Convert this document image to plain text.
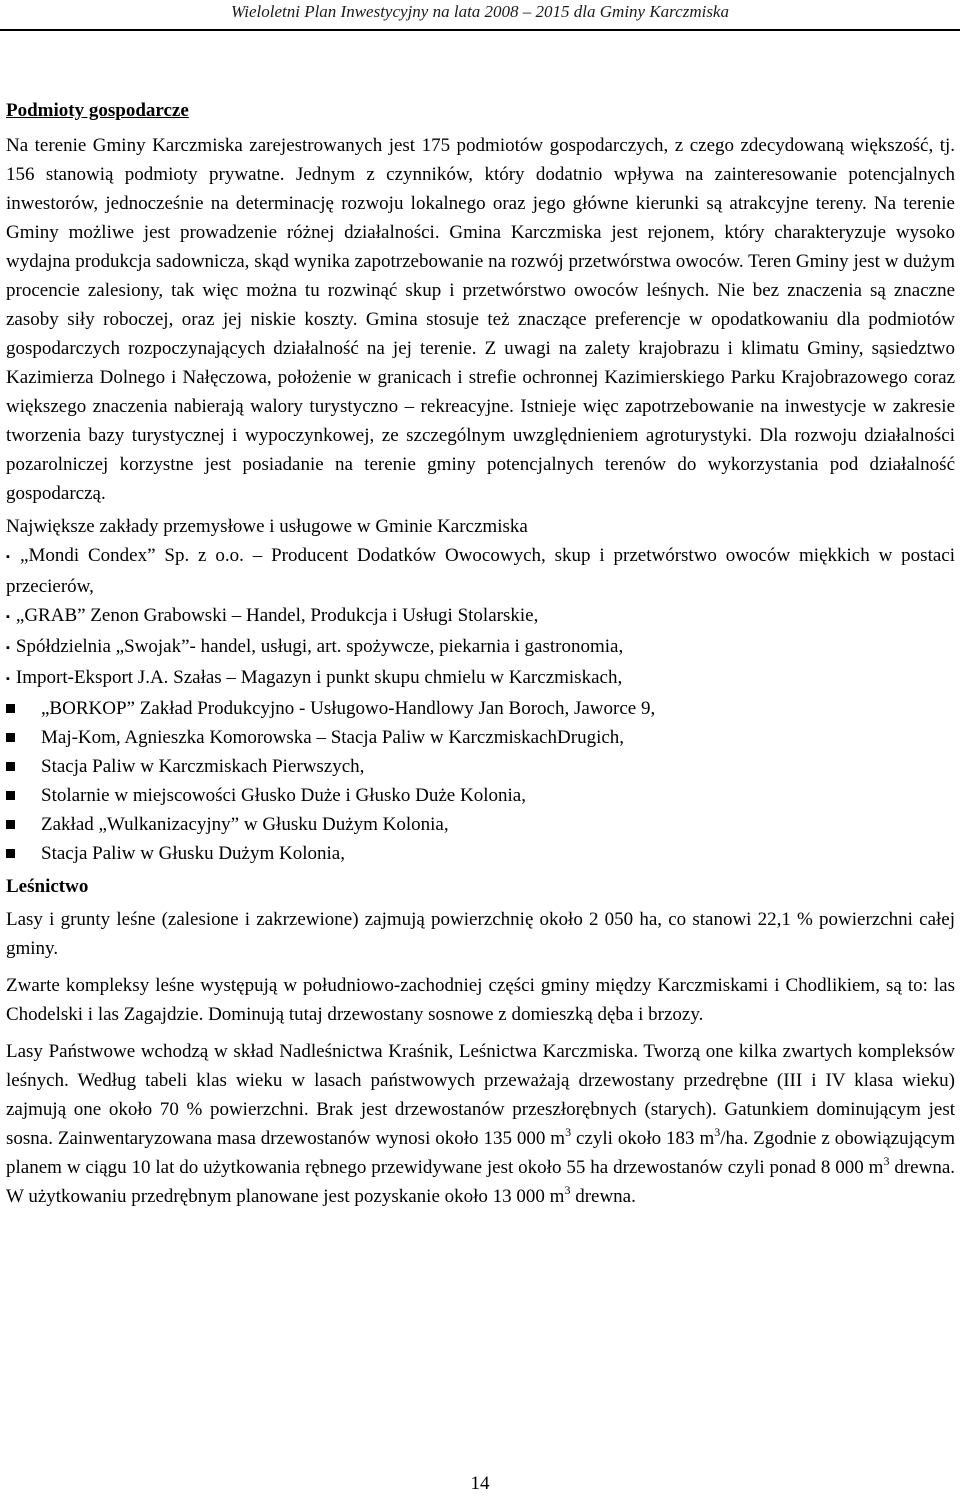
Wieloletni Plan Inwestycyjny na lata 2008 – 2015 dla Gminy Karczmiska
Podmioty gospodarcze

Na terenie Gminy Karczmiska zarejestrowanych jest 175 podmiotów gospodarczych, z czego zdecydowaną większość, tj. 156 stanowią podmioty prywatne. Jednym z czynników, który dodatnio wpływa na zainteresowanie potencjalnych inwestorów, jednocześnie na determinację rozwoju lokalnego oraz jego główne kierunki są atrakcyjne tereny. Na terenie Gminy możliwe jest prowadzenie różnej działalności. Gmina Karczmiska jest rejonem, który charakteryzuje wysoko wydajna produkcja sadownicza, skąd wynika zapotrzebowanie na rozwój przetwórstwa owoców. Teren Gminy jest w dużym procencie zalesiony, tak więc można tu rozwinąć skup i przetwórstwo owoców leśnych. Nie bez znaczenia są znaczne zasoby siły roboczej, oraz jej niskie koszty. Gmina stosuje też znaczące preferencje w opodatkowaniu dla podmiotów gospodarczych rozpoczynających działalność na jej terenie. Z uwagi na zalety krajobrazu i klimatu Gminy, sąsiedztwo Kazimierza Dolnego i Nałęczowa, położenie w granicach i strefie ochronnej Kazimierskiego Parku Krajobrazowego coraz większego znaczenia nabierają walory turystyczno – rekreacyjne. Istnieje więc zapotrzebowanie na inwestycje w zakresie tworzenia bazy turystycznej i wypoczynkowej, ze szczególnym uwzględnieniem agroturystyki. Dla rozwoju działalności pozarolniczej korzystne jest posiadanie na terenie gminy potencjalnych terenów do wykorzystania pod działalność gospodarczą.

Największe zakłady przemysłowe i usługowe w Gminie Karczmiska

▪ „Mondi Condex” Sp. z o.o. – Producent Dodatków Owocowych, skup i przetwórstwo owoców miękkich w postaci przecierów,
▪ „GRAB” Zenon Grabowski – Handel, Produkcja i Usługi Stolarskie,
▪ Spółdzielnia „Swojak”- handel, usługi, art. spożywcze, piekarnia i gastronomia,
▪ Import-Eksport J.A. Szałas – Magazyn i punkt skupu chmielu w Karczmiskach,
„BORKOP” Zakład Produkcyjno - Usługowo-Handlowy Jan Boroch, Jaworce 9,
Maj-Kom, Agnieszka Komorowska – Stacja Paliw w KarczmiskachDrugich,
Stacja Paliw w Karczmiskach Pierwszych,
Stolarnie w miejscowości Głusko Duże i Głusko Duże Kolonia,
Zakład „Wulkanizacyjny” w Głusku Dużym Kolonia,
Stacja Paliw w Głusku Dużym Kolonia,
Leśnictwo

Lasy i grunty leśne (zalesione i zakrzewione) zajmują powierzchnię około 2 050 ha, co stanowi 22,1 % powierzchni całej gminy.

Zwarte kompleksy leśne występują w południowo-zachodniej części gminy między Karczmiskami i Chodlikiem, są to: las Chodelski i las Zagajdzie. Dominują tutaj drzewostany sosnowe z domieszką dęba i brzozy.

Lasy Państwowe wchodzą w skład Nadleśnictwa Kraśnik, Leśnictwa Karczmiska. Tworzą one kilka zwartych kompleksów leśnych. Według tabeli klas wieku w lasach państwowych przeważają drzewostany przedrębne (III i IV klasa wieku) zajmują one około 70 % powierzchni. Brak jest drzewostanów przeszłorębnych (starych). Gatunkiem dominującym jest sosna. Zainwentaryzowana masa drzewostanów wynosi około 135 000 $m^3$ czyli około 183 $m^3/ha$. Zgodnie z obowiązującym planem w ciągu 10 lat do użytkowania rębnego przewidywane jest około 55 ha drzewostanów czyli ponad 8 000 $m^3$ drewna. W użytkowaniu przedrębnym planowane jest pozyskanie około 13 000 $m^3$ drewna.

14
